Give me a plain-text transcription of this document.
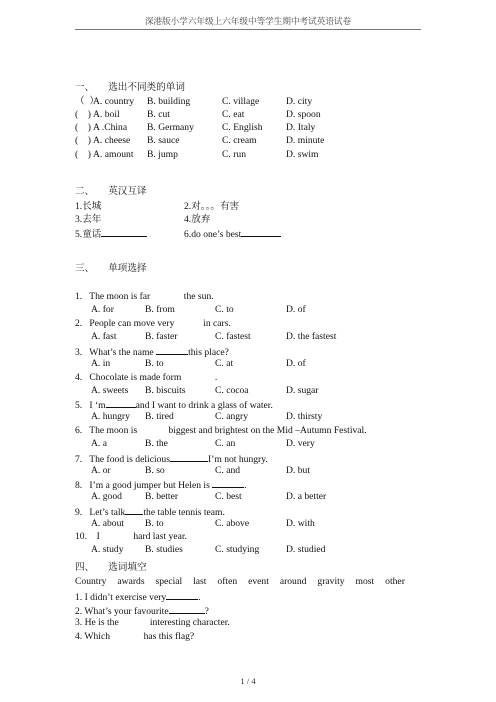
深港版小学六年级上六年级中等学生期中考试英语试卷
一、 选出不同类的单词
（  ）
A. country B. building	C. village	D. city
(    ) A. boil	B. cut	C. eat	D. spoon
(    ) A .China B. Germany	C. English D. Italy
(    ) A. cheese B. sauce	C. cream	D. minute
(    ) A. amount B. jump	C. run	D. swim
二、 英汉互译
1.长城	2.对。。。有害
3.去年	4.放弃
5.童话	6.do one’s best
三、 单项选择
1.   The moon is far              the sun.
A. for	B. from	C. to	D. of
2.   People can move very            in cars.
A. fast	B. faster	C. fastest	D. the fastest
3.   What’s the name	this place?
A. in	B. to	C. at	D. of
4.   Chocolate is made form              .
A. sweets B. biscuits	C. cocoa	D. sugar
5.   I ‘m	and I want to drink a glass of water.
A. hungry B. tired	C. angry	D. thirsty
6.   The moon is             biggest and brightest on the Mid –Autumn Festival.
A. a	B. the	C. an	D. very
7.   The food is delicious	I’m not hungry.
A. or	B. so	C. and	D. but
8.   I’m a good jumper but Helen is	.
A. good B. better	C. best	D. a better
9.   Let’s talk the table tennis team.
A. about B. to	C. above	D. with
10.    I              hard last year.
A. study B. studies	C. studying	D. studied
四、 选词填空
Country awards special last often event around gravity most other
1. I didn’t exercise very	.
2. What’s your favourite	?
3. He is the             interesting character.
4. Which              has this flag?
1 / 4
